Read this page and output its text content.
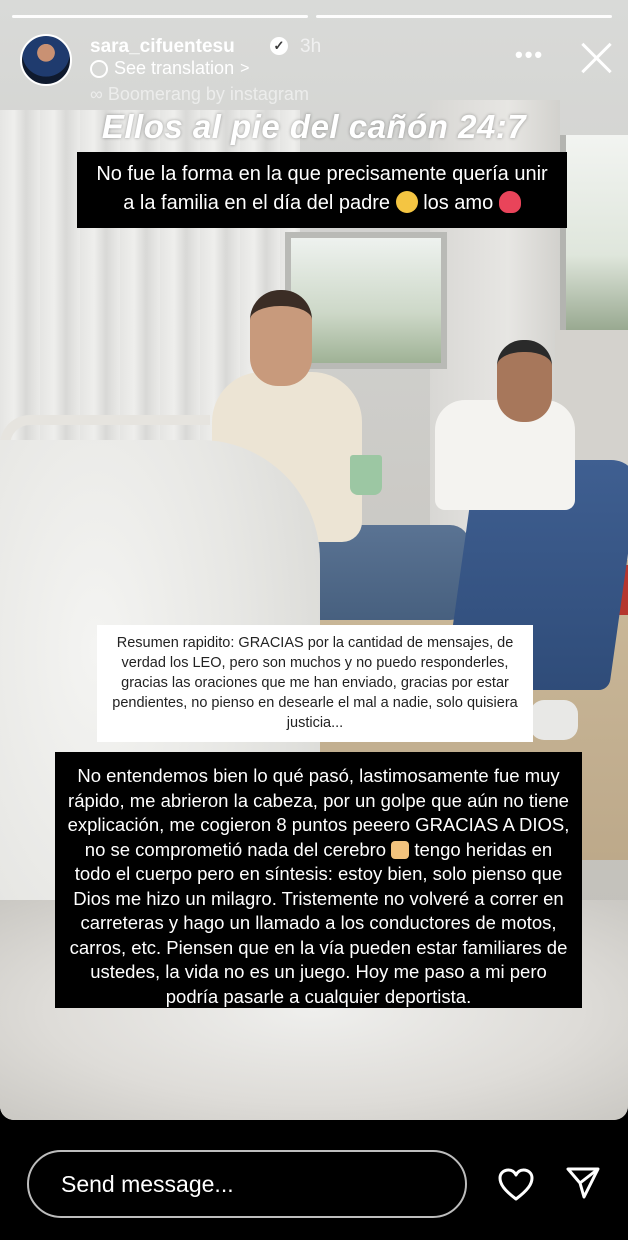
sara_cifuentesu	✓ 3h
See translation >
•••
∞ Boomerang by instagram
Ellos al pie del cañón 24:7
No fue la forma en la que precisamente quería unir
a la familia en el día del padre los amo
Resumen rapidito: GRACIAS por la cantidad de mensajes, de verdad los LEO, pero son muchos y no puedo responderles, gracias las oraciones que me han enviado, gracias por estar pendientes, no pienso en desearle el mal a nadie, solo quisiera justicia...
No entendemos bien lo qué pasó, lastimosamente fue muy rápido, me abrieron la cabeza, por un golpe que aún no tiene explicación, me cogieron 8 puntos peeero GRACIAS A DIOS, no se comprometió nada del cerebro tengo heridas en todo el cuerpo pero en síntesis: estoy bien, solo pienso que Dios me hizo un milagro. Tristemente no volveré a correr en carreteras y hago un llamado a los conductores de motos, carros, etc. Piensen que en la vía pueden estar familiares de ustedes, la vida no es un juego. Hoy me paso a mi pero podría pasarle a cualquier deportista.
Send message...
